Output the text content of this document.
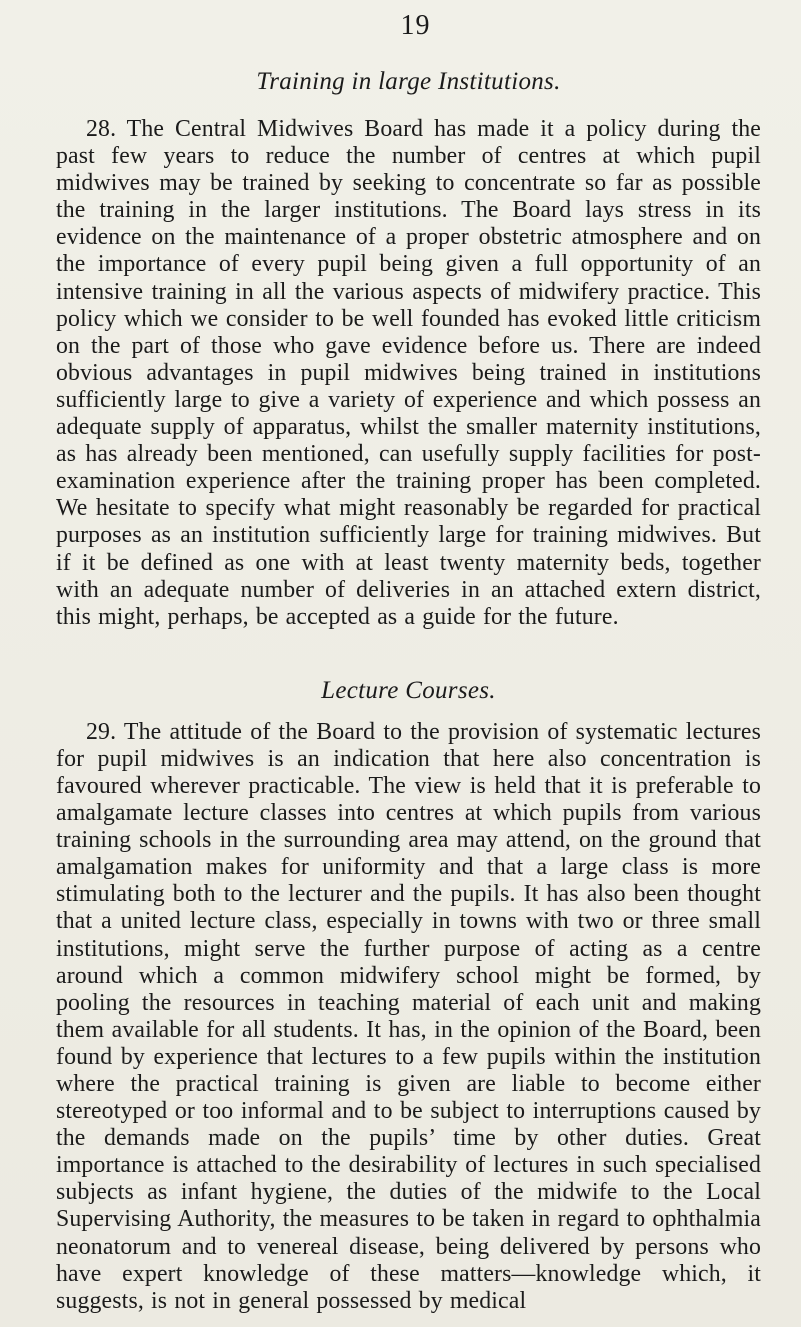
19
Training in large Institutions.

28. The Central Midwives Board has made it a policy during the past few years to reduce the number of centres at which pupil midwives may be trained by seeking to concentrate so far as possible the training in the larger institutions. The Board lays stress in its evidence on the maintenance of a proper obstetric atmosphere and on the importance of every pupil being given a full opportunity of an intensive training in all the various aspects of midwifery practice. This policy which we consider to be well founded has evoked little criticism on the part of those who gave evidence before us. There are indeed obvious advantages in pupil midwives being trained in institutions sufficiently large to give a variety of experience and which possess an adequate supply of apparatus, whilst the smaller maternity institutions, as has already been mentioned, can usefully supply facilities for post-examination experience after the training proper has been completed. We hesitate to specify what might reasonably be regarded for practical purposes as an institution sufficiently large for training midwives. But if it be defined as one with at least twenty maternity beds, together with an adequate number of deliveries in an attached extern district, this might, perhaps, be accepted as a guide for the future.

Lecture Courses.

29. The attitude of the Board to the provision of systematic lectures for pupil midwives is an indication that here also concentration is favoured wherever practicable. The view is held that it is preferable to amalgamate lecture classes into centres at which pupils from various training schools in the surrounding area may attend, on the ground that amalgamation makes for uniformity and that a large class is more stimulating both to the lecturer and the pupils. It has also been thought that a united lecture class, especially in towns with two or three small institutions, might serve the further purpose of acting as a centre around which a common midwifery school might be formed, by pooling the resources in teaching material of each unit and making them available for all students. It has, in the opinion of the Board, been found by experience that lectures to a few pupils within the institution where the practical training is given are liable to become either stereotyped or too informal and to be subject to interruptions caused by the demands made on the pupils’ time by other duties. Great importance is attached to the desirability of lectures in such specialised subjects as infant hygiene, the duties of the midwife to the Local Supervising Authority, the measures to be taken in regard to ophthalmia neonatorum and to venereal disease, being delivered by persons who have expert knowledge of these matters—knowledge which, it suggests, is not in general possessed by medical
